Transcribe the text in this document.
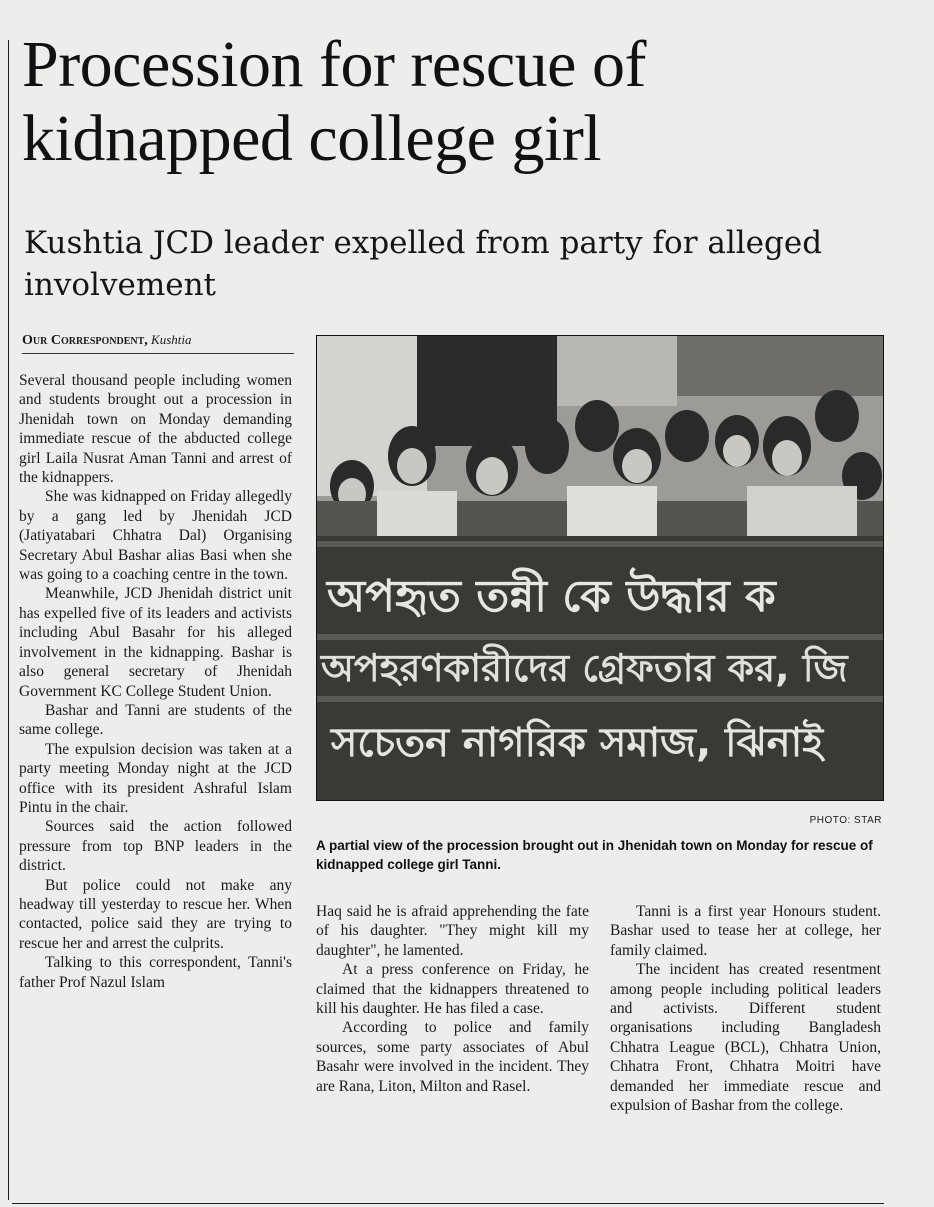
Procession for rescue of kidnapped college girl
Kushtia JCD leader expelled from party for alleged involvement
Our Correspondent, Kushtia

Several thousand people including women and students brought out a procession in Jhenidah town on Monday demanding immediate rescue of the abducted college girl Laila Nusrat Aman Tanni and arrest of the kidnappers.

She was kidnapped on Friday allegedly by a gang led by Jhenidah JCD (Jatiyatabari Chhatra Dal) Organising Secretary Abul Bashar alias Basi when she was going to a coaching centre in the town.

Meanwhile, JCD Jhenidah district unit has expelled five of its leaders and activists including Abul Basahr for his alleged involvement in the kidnapping. Bashar is also general secretary of Jhenidah Government KC College Student Union.

Bashar and Tanni are students of the same college.

The expulsion decision was taken at a party meeting Monday night at the JCD office with its president Ashraful Islam Pintu in the chair.

Sources said the action followed pressure from top BNP leaders in the district.

But police could not make any headway till yesterday to rescue her. When contacted, police said they are trying to rescue her and arrest the culprits.

Talking to this correspondent, Tanni's father Prof Nazul Islam

অপহৃত তন্নী কে উদ্ধার ক
অপহরণকারীদের গ্রেফতার কর, জি
সচেতন নাগরিক সমাজ, ঝিনাই
PHOTO: STAR
A partial view of the procession brought out in Jhenidah town on Monday for rescue of kidnapped college girl Tanni.

Haq said he is afraid apprehending the fate of his daughter. "They might kill my daughter", he lamented.

At a press conference on Friday, he claimed that the kidnappers threatened to kill his daughter. He has filed a case.

According to police and family sources, some party associates of Abul Basahr were involved in the incident. They are Rana, Liton, Milton and Rasel.

Tanni is a first year Honours student. Bashar used to tease her at college, her family claimed.

The incident has created resentment among people including political leaders and activists. Different student organisations including Bangladesh Chhatra League (BCL), Chhatra Union, Chhatra Front, Chhatra Moitri have demanded her immediate rescue and expulsion of Bashar from the college.
